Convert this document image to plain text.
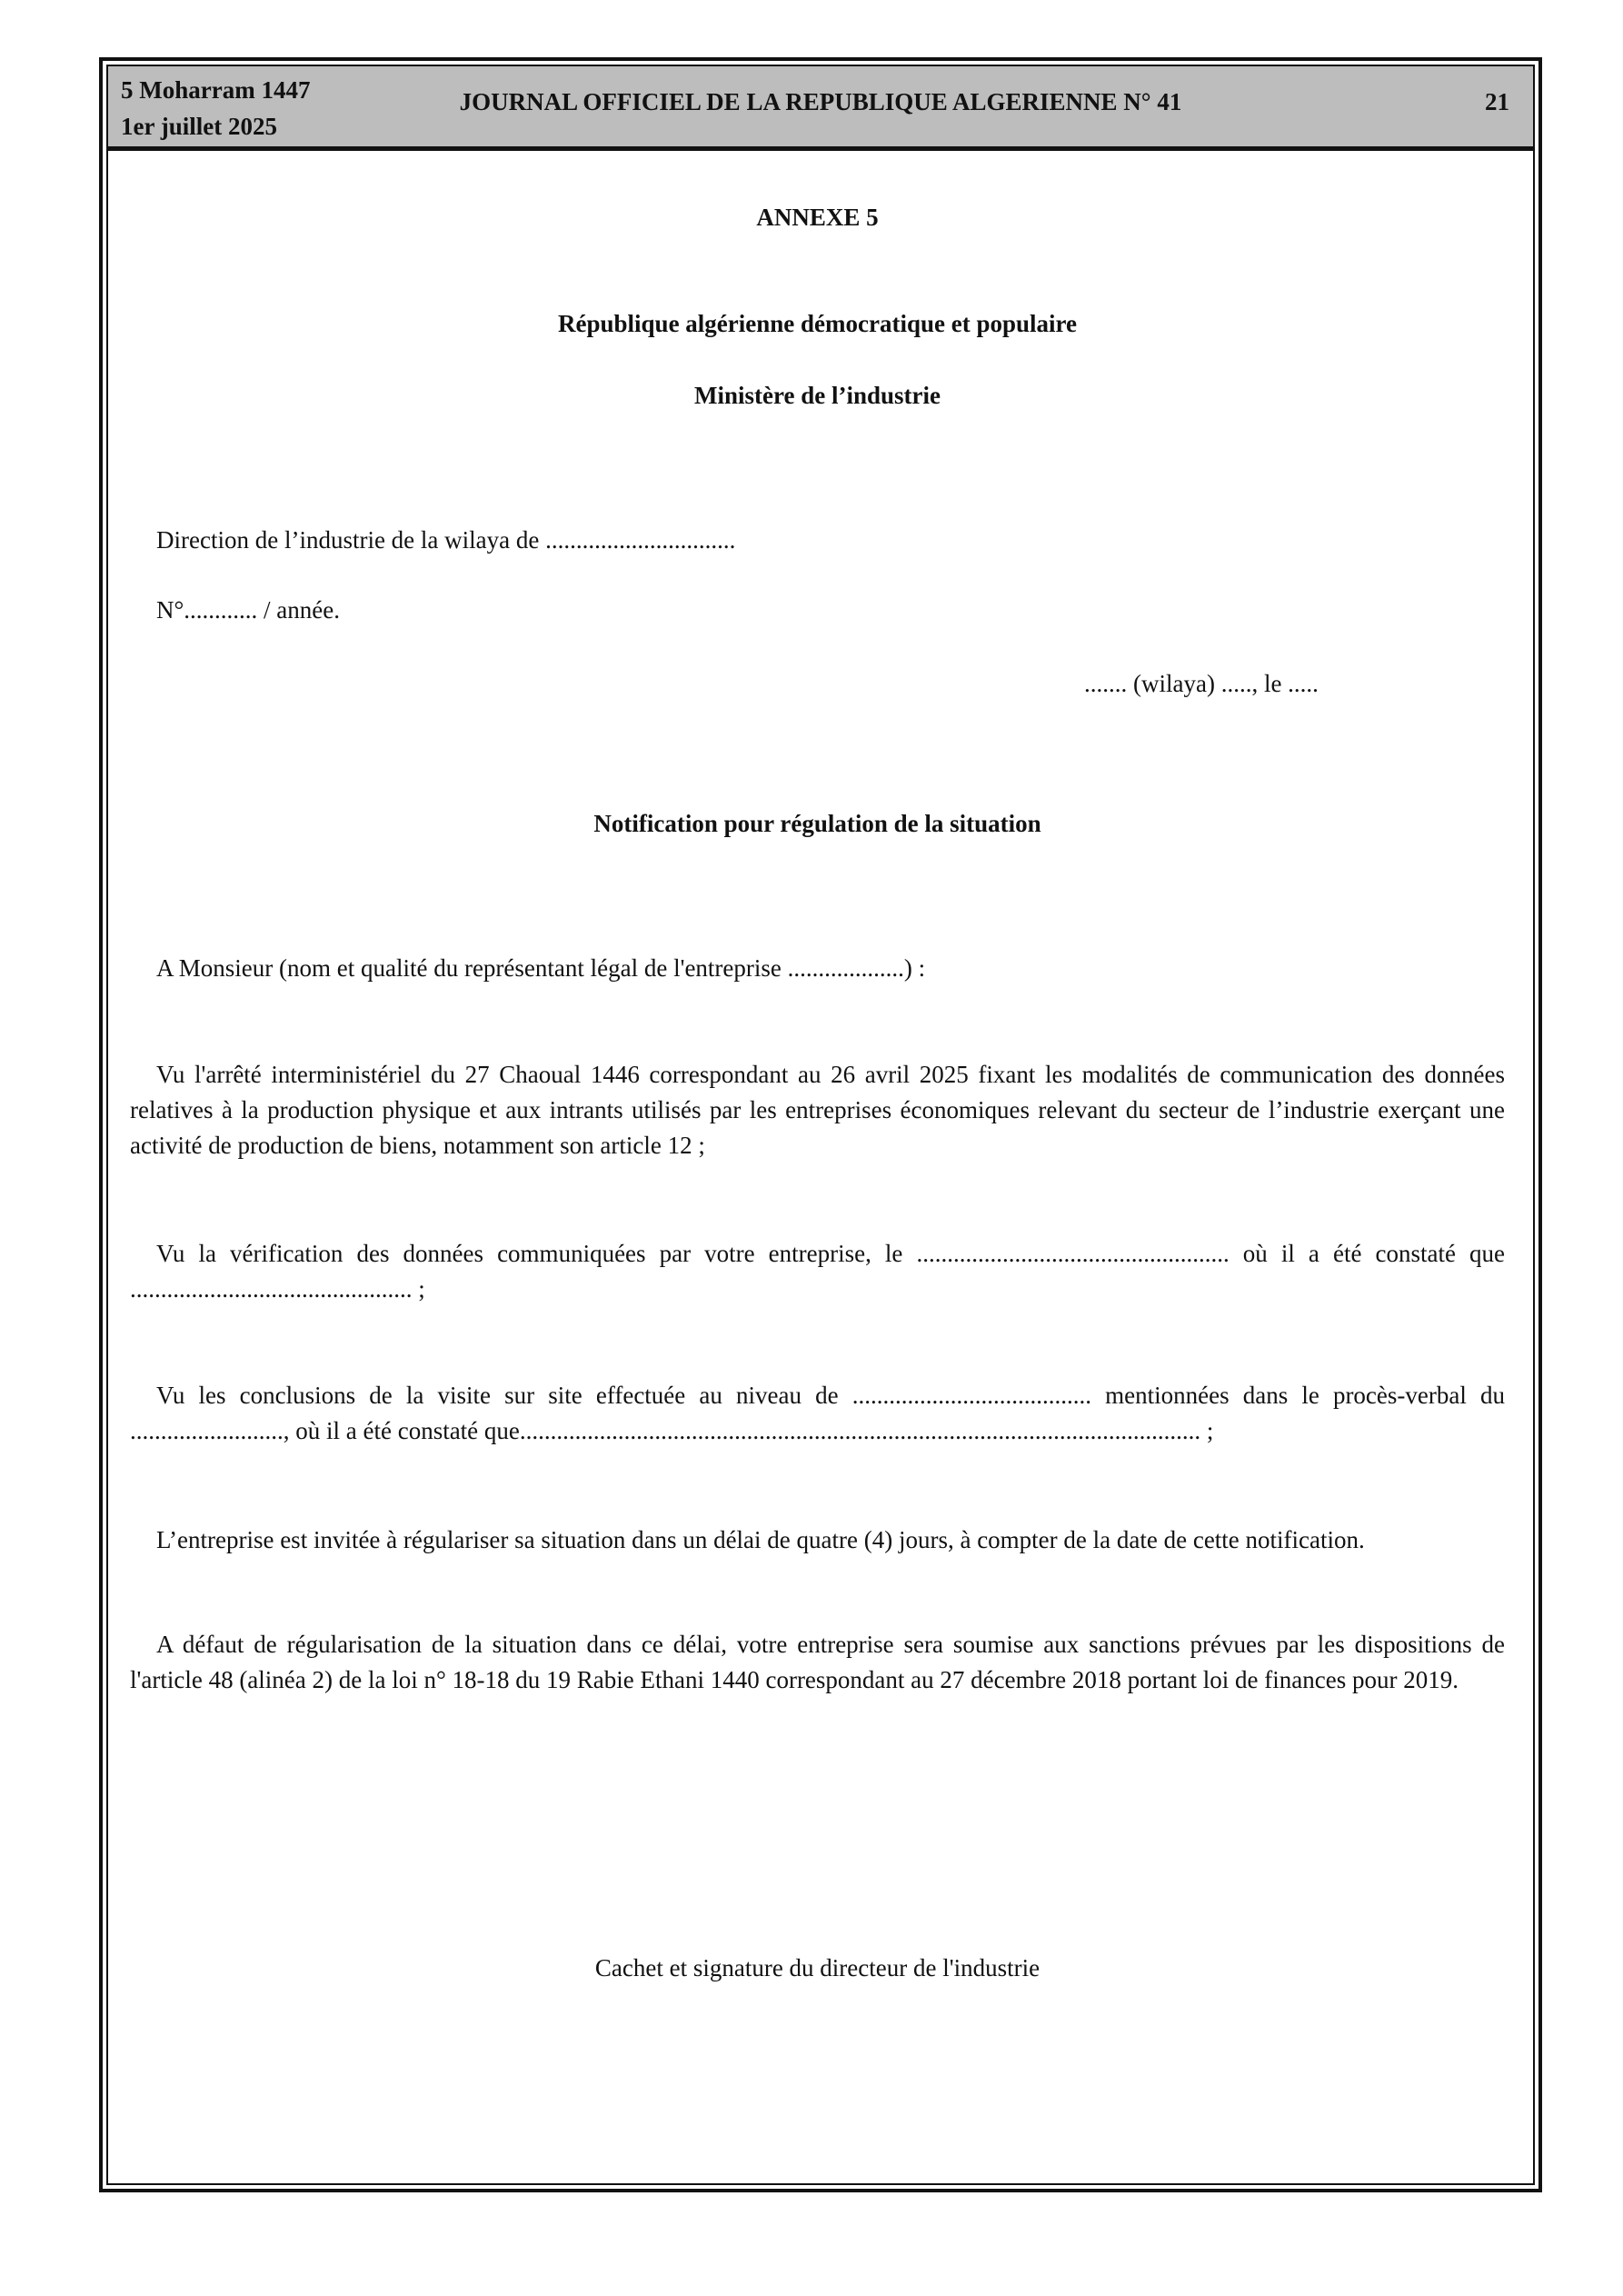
5 Moharram 1447
1er juillet 2025
JOURNAL OFFICIEL DE LA REPUBLIQUE ALGERIENNE N° 41	21
ANNEXE 5
République algérienne démocratique et populaire
Ministère de l’industrie
Direction de l’industrie de la wilaya de ...............................
N°............ / année.
....... (wilaya) ....., le .....
Notification pour régulation de la situation
A Monsieur (nom et qualité du représentant légal de l'entreprise ...................) :
Vu l'arrêté interministériel du 27 Chaoual 1446 correspondant au 26 avril 2025 fixant les modalités de communication des données relatives à la production physique et aux intrants utilisés par les entreprises économiques relevant du secteur de l’industrie exerçant une activité de production de biens, notamment son article 12 ;
Vu la vérification des données communiquées par votre entreprise, le ................................................... où il a été constaté que .............................................. ;
Vu les conclusions de la visite sur site effectuée au niveau de ....................................... mentionnées dans le procès-verbal du ........................., où il a été constaté que............................................................................................................... ;
L’entreprise est invitée à régulariser sa situation dans un délai de quatre (4) jours, à compter de la date de cette notification.
A défaut de régularisation de la situation dans ce délai, votre entreprise sera soumise aux sanctions prévues par les dispositions de l'article 48 (alinéa 2) de la loi n° 18-18 du 19 Rabie Ethani 1440 correspondant au 27 décembre 2018 portant loi de finances pour 2019.
Cachet et signature du directeur de l'industrie
